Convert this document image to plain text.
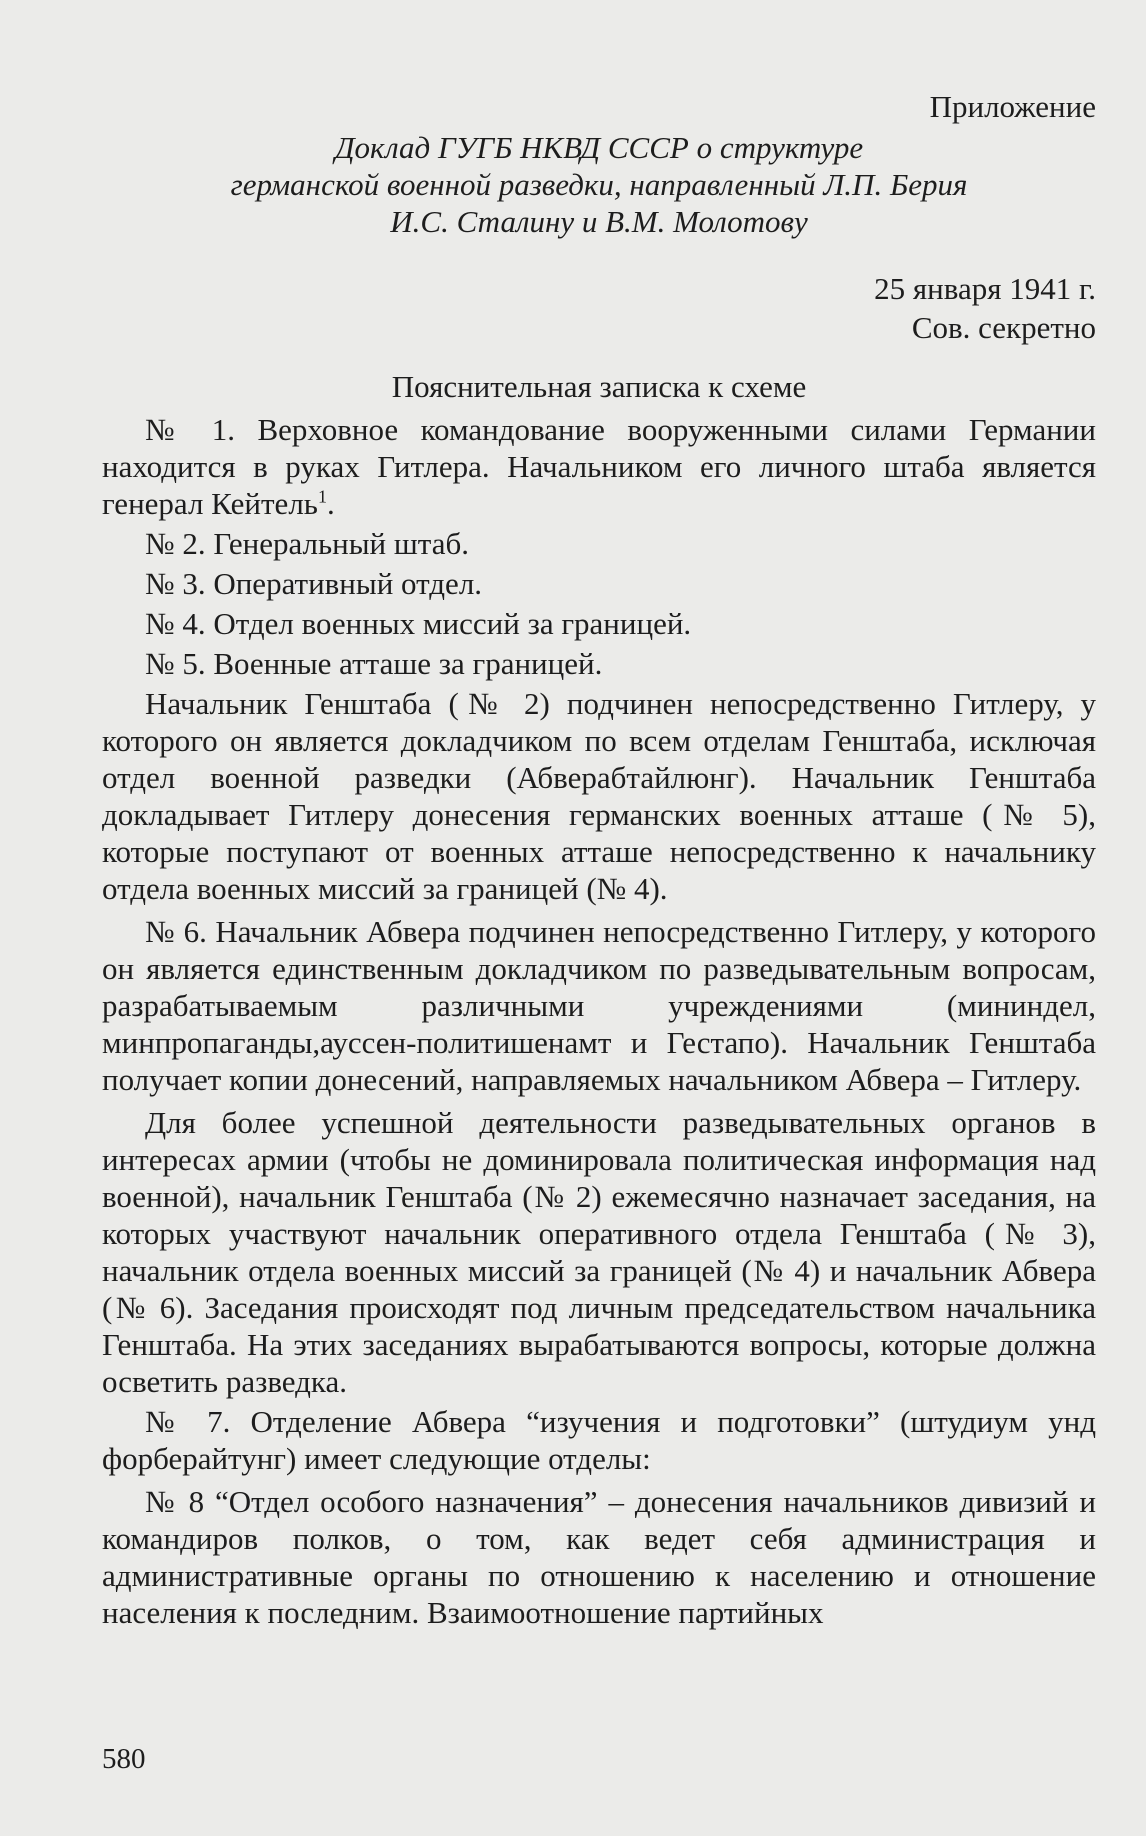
Приложение

Доклад ГУГБ НКВД СССР о структуре
германской военной разведки, направленный Л.П. Берия
И.С. Сталину и В.М. Молотову

25 января 1941 г.

Сов. секретно

Пояснительная записка к схеме

№ 1. Верховное командование вооруженными силами Германии находится в руках Гитлера. Начальником его личного штаба является генерал Кейтель$^1$.

№ 2. Генеральный штаб.

№ 3. Оперативный отдел.

№ 4. Отдел военных миссий за границей.

№ 5. Военные атташе за границей.

Начальник Генштаба (№ 2) подчинен непосредственно Гитлеру, у которого он является докладчиком по всем отделам Генштаба, исключая отдел военной разведки (Абверабтайлюнг). Начальник Генштаба докладывает Гитлеру донесения германских военных атташе (№ 5), которые поступают от военных атташе непосредственно к начальнику отдела военных миссий за границей (№ 4).

№ 6. Начальник Абвера подчинен непосредственно Гитлеру, у которого он является единственным докладчиком по разведывательным вопросам, разрабатываемым различными учреждениями (мининдел, минпропаганды,ауссен-политишенамт и Гестапо). Начальник Генштаба получает копии донесений, направляемых начальником Абвера – Гитлеру.

Для более успешной деятельности разведывательных органов в интересах армии (чтобы не доминировала политическая информация над военной), начальник Генштаба (№ 2) ежемесячно назначает заседания, на которых участвуют начальник оперативного отдела Генштаба (№ 3), начальник отдела военных миссий за границей (№ 4) и начальник Абвера (№ 6). Заседания происходят под личным председательством начальника Генштаба. На этих заседаниях вырабатываются вопросы, которые должна осветить разведка.

№ 7. Отделение Абвера “изучения и подготовки” (штудиум унд форберайтунг) имеет следующие отделы:

№ 8 “Отдел особого назначения” – донесения начальников дивизий и командиров полков, о том, как ведет себя администрация и административные органы по отношению к населению и отношение населения к последним. Взаимоотношение партийных

580
